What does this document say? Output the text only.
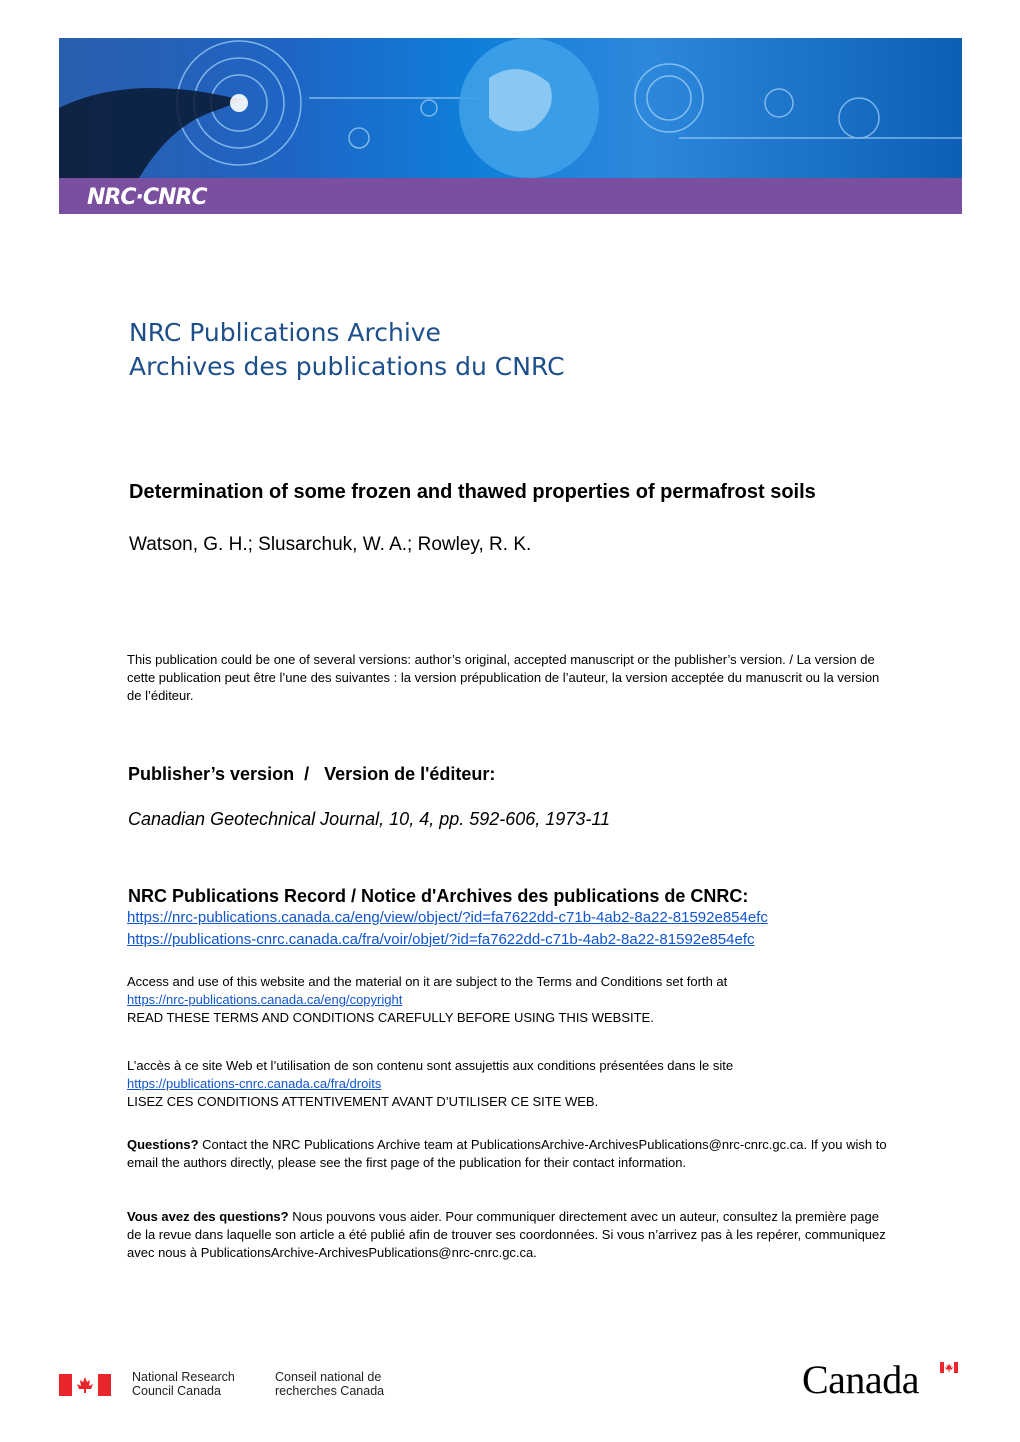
NRC·CNRC
NRC Publications Archive
Archives des publications du CNRC
Determination of some frozen and thawed properties of permafrost soils

Watson, G. H.; Slusarchuk, W. A.; Rowley, R. K.

This publication could be one of several versions: author’s original, accepted manuscript or the publisher’s version. / La version de cette publication peut être l’une des suivantes : la version prépublication de l’auteur, la version acceptée du manuscrit ou la version de l’éditeur.

Publisher’s version  /   Version de l'éditeur:

Canadian Geotechnical Journal, 10, 4, pp. 592-606, 1973-11

NRC Publications Record / Notice d'Archives des publications de CNRC:

https://nrc-publications.canada.ca/eng/view/object/?id=fa7622dd-c71b-4ab2-8a22-81592e854efc
https://publications-cnrc.canada.ca/fra/voir/objet/?id=fa7622dd-c71b-4ab2-8a22-81592e854efc
Access and use of this website and the material on it are subject to the Terms and Conditions set forth at
https://nrc-publications.canada.ca/eng/copyright
READ THESE TERMS AND CONDITIONS CAREFULLY BEFORE USING THIS WEBSITE.
L’accès à ce site Web et l’utilisation de son contenu sont assujettis aux conditions présentées dans le site
https://publications-cnrc.canada.ca/fra/droits
LISEZ CES CONDITIONS ATTENTIVEMENT AVANT D’UTILISER CE SITE WEB.

Questions? Contact the NRC Publications Archive team at PublicationsArchive-ArchivesPublications@nrc-cnrc.gc.ca. If you wish to email the authors directly, please see the first page of the publication for their contact information.

Vous avez des questions? Nous pouvons vous aider. Pour communiquer directement avec un auteur, consultez la première page de la revue dans laquelle son article a été publié afin de trouver ses coordonnées. Si vous n’arrivez pas à les repérer, communiquez avec nous à PublicationsArchive-ArchivesPublications@nrc-cnrc.gc.ca.

National Research
Council Canada
Conseil national de
recherches Canada	Canada
